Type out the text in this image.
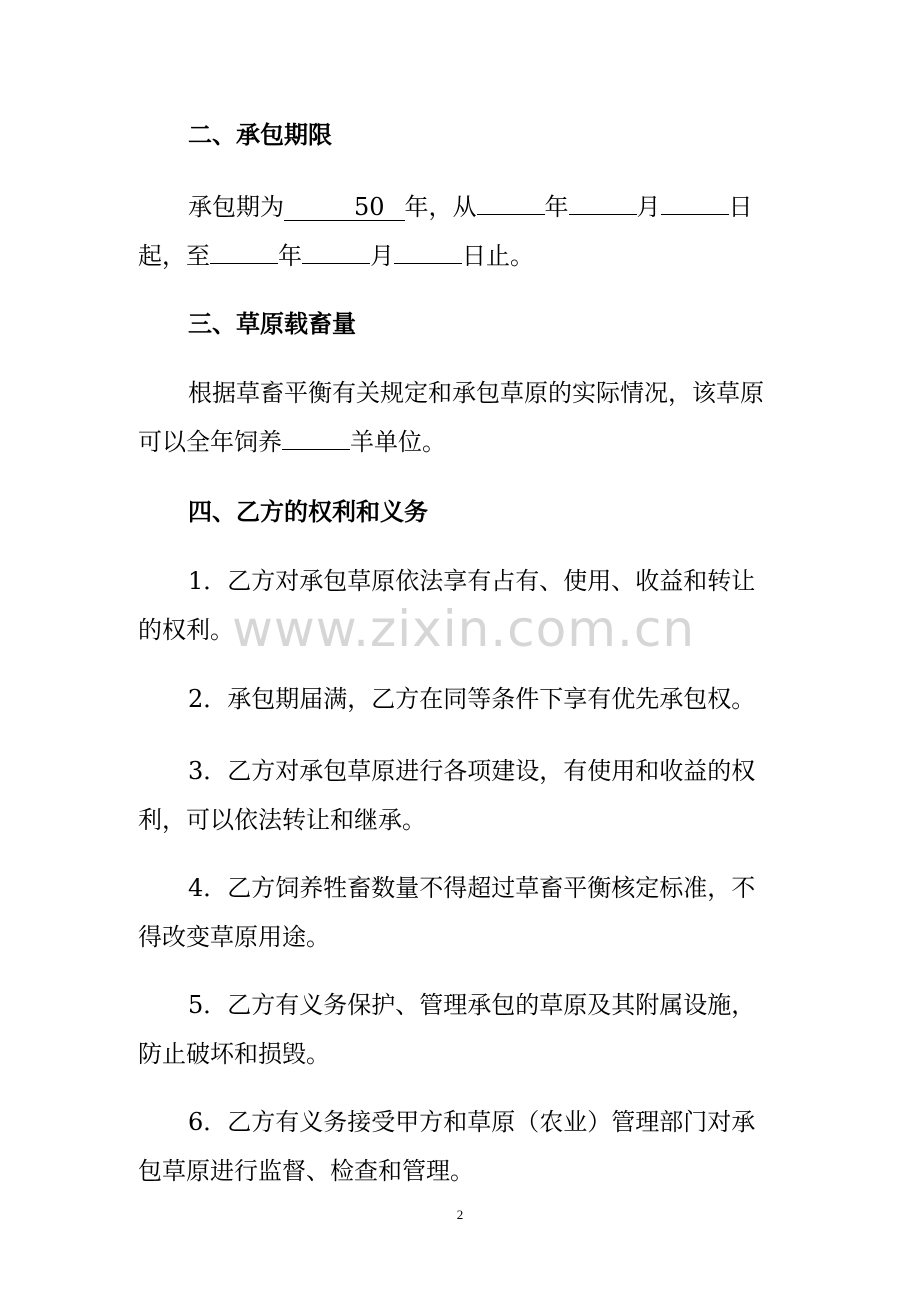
www.zixin.com.cn

二、承包期限

承包期为	50 年，从	年	月	日

起，至	年	月	日止。

三、草原载畜量

根据草畜平衡有关规定和承包草原的实际情况，该草原

可以全年饲养	羊单位。

四、乙方的权利和义务

1．乙方对承包草原依法享有占有、使用、收益和转让

的权利。

2．承包期届满，乙方在同等条件下享有优先承包权。

3．乙方对承包草原进行各项建设，有使用和收益的权

利，可以依法转让和继承。

4．乙方饲养牲畜数量不得超过草畜平衡核定标准，不

得改变草原用途。

5．乙方有义务保护、管理承包的草原及其附属设施，

防止破坏和损毁。

6．乙方有义务接受甲方和草原（农业）管理部门对承

包草原进行监督、检查和管理。

2
